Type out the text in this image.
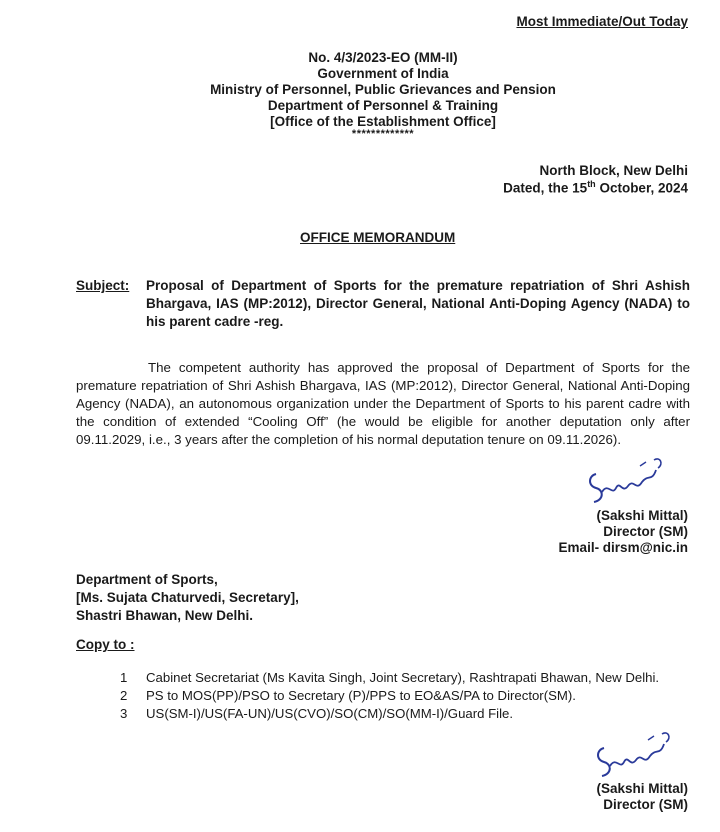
Most Immediate/Out Today
No. 4/3/2023-EO (MM-II)
Government of India
Ministry of Personnel, Public Grievances and Pension
Department of Personnel & Training
[Office of the Establishment Office]
*************
North Block, New Delhi
Dated, the 15th October, 2024
OFFICE MEMORANDUM
Subject: Proposal of Department of Sports for the premature repatriation of Shri Ashish Bhargava, IAS (MP:2012), Director General, National Anti-Doping Agency (NADA) to his parent cadre -reg.
The competent authority has approved the proposal of Department of Sports for the premature repatriation of Shri Ashish Bhargava, IAS (MP:2012), Director General, National Anti-Doping Agency (NADA), an autonomous organization under the Department of Sports to his parent cadre with the condition of extended “Cooling Off” (he would be eligible for another deputation only after 09.11.2029, i.e., 3 years after the completion of his normal deputation tenure on 09.11.2026).
(Sakshi Mittal)
Director (SM)
Email- dirsm@nic.in
Department of Sports,
[Ms. Sujata Chaturvedi, Secretary],
Shastri Bhawan, New Delhi.
Copy to :
1 Cabinet Secretariat (Ms Kavita Singh, Joint Secretary), Rashtrapati Bhawan, New Delhi.
2 PS to MOS(PP)/PSO to Secretary (P)/PPS to EO&AS/PA to Director(SM).
3 US(SM-I)/US(FA-UN)/US(CVO)/SO(CM)/SO(MM-I)/Guard File.
(Sakshi Mittal)
Director (SM)
